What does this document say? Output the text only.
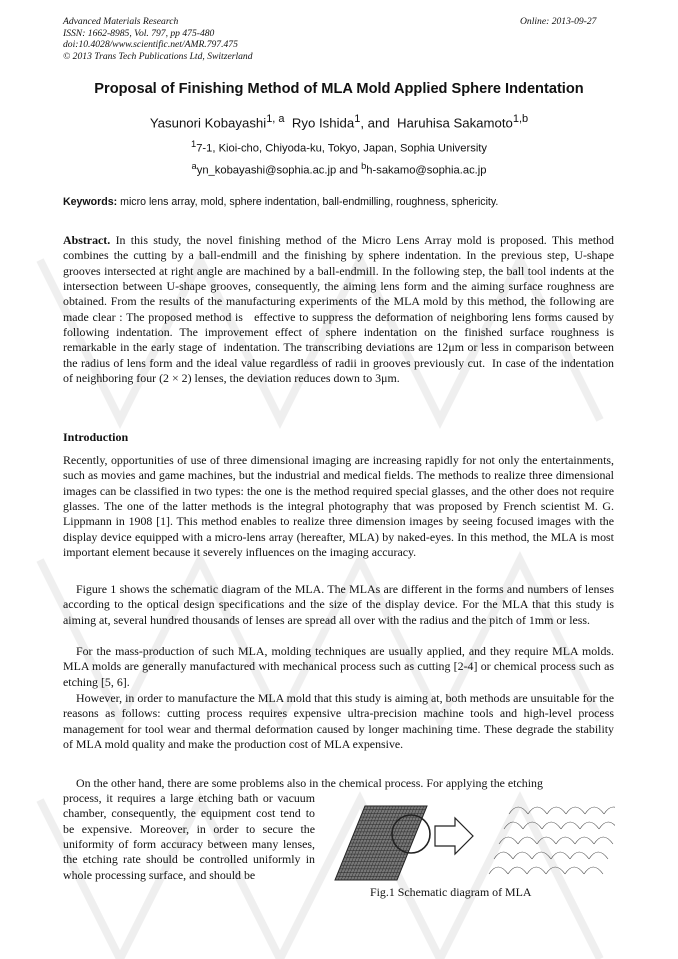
Advanced Materials Research
ISSN: 1662-8985, Vol. 797, pp 475-480
doi:10.4028/www.scientific.net/AMR.797.475
© 2013 Trans Tech Publications Ltd, Switzerland
Online: 2013-09-27
Proposal of Finishing Method of MLA Mold Applied Sphere Indentation
Yasunori Kobayashi$^{1, a}$ Ryo Ishida$^1$, and  Haruhisa Sakamoto$^{1,b}$
$^1$7-1, Kioi-cho, Chiyoda-ku, Tokyo, Japan, Sophia University
$^a$yn_kobayashi@sophia.ac.jp and $^b$h-sakamo@sophia.ac.jp
Keywords: micro lens array, mold, sphere indentation, ball-endmilling, roughness, sphericity.
Abstract. In this study, the novel finishing method of the Micro Lens Array mold is proposed. This method combines the cutting by a ball-endmill and the finishing by sphere indentation. In the previous step, U-shape grooves intersected at right angle are machined by a ball-endmill. In the following step, the ball tool indents at the intersection between U-shape grooves, consequently, the aiming lens form and the aiming surface roughness are obtained. From the results of the manufacturing experiments of the MLA mold by this method, the following are made clear : The proposed method is   effective to suppress the deformation of neighboring lens forms caused by following indentation. The improvement effect of sphere indentation on the finished surface roughness is remarkable in the early stage of  indentation. The transcribing deviations are 12μm or less in comparison between the radius of lens form and the ideal value regardless of radii in grooves previously cut.  In case of the indentation of neighboring four (2 × 2) lenses, the deviation reduces down to 3μm.
Introduction
Recently, opportunities of use of three dimensional imaging are increasing rapidly for not only the entertainments, such as movies and game machines, but the industrial and medical fields. The methods to realize three dimensional images can be classified in two types: the one is the method required special glasses, and the other does not require glasses. The one of the latter methods is the integral photography that was proposed by French scientist M. G. Lippmann in 1908 [1]. This method enables to realize three dimension images by seeing focused images with the display device equipped with a micro-lens array (hereafter, MLA) by naked-eyes. In this method, the MLA is most important element because it severely influences on the imaging accuracy.
Figure 1 shows the schematic diagram of the MLA. The MLAs are different in the forms and numbers of lenses according to the optical design specifications and the size of the display device. For the MLA that this study is aiming at, several hundred thousands of lenses are spread all over with the radius and the pitch of 1mm or less.
For the mass-production of such MLA, molding techniques are usually applied, and they require MLA molds. MLA molds are generally manufactured with mechanical process such as cutting [2-4] or chemical process such as etching [5, 6].
However, in order to manufacture the MLA mold that this study is aiming at, both methods are unsuitable for the reasons as follows: cutting process requires expensive ultra-precision machine tools and high-level process management for tool wear and thermal deformation caused by longer machining time. These degrade the stability of MLA mold quality and make the production cost of MLA expensive.
On the other hand, there are some problems also in the chemical process. For applying the etching
process, it requires a large etching bath or vacuum chamber, consequently, the equipment cost tend to be expensive. Moreover, in order to secure the uniformity of form accuracy between many lenses, the etching rate should be controlled uniformly in whole processing surface, and should be
Fig.1 Schematic diagram of MLA
